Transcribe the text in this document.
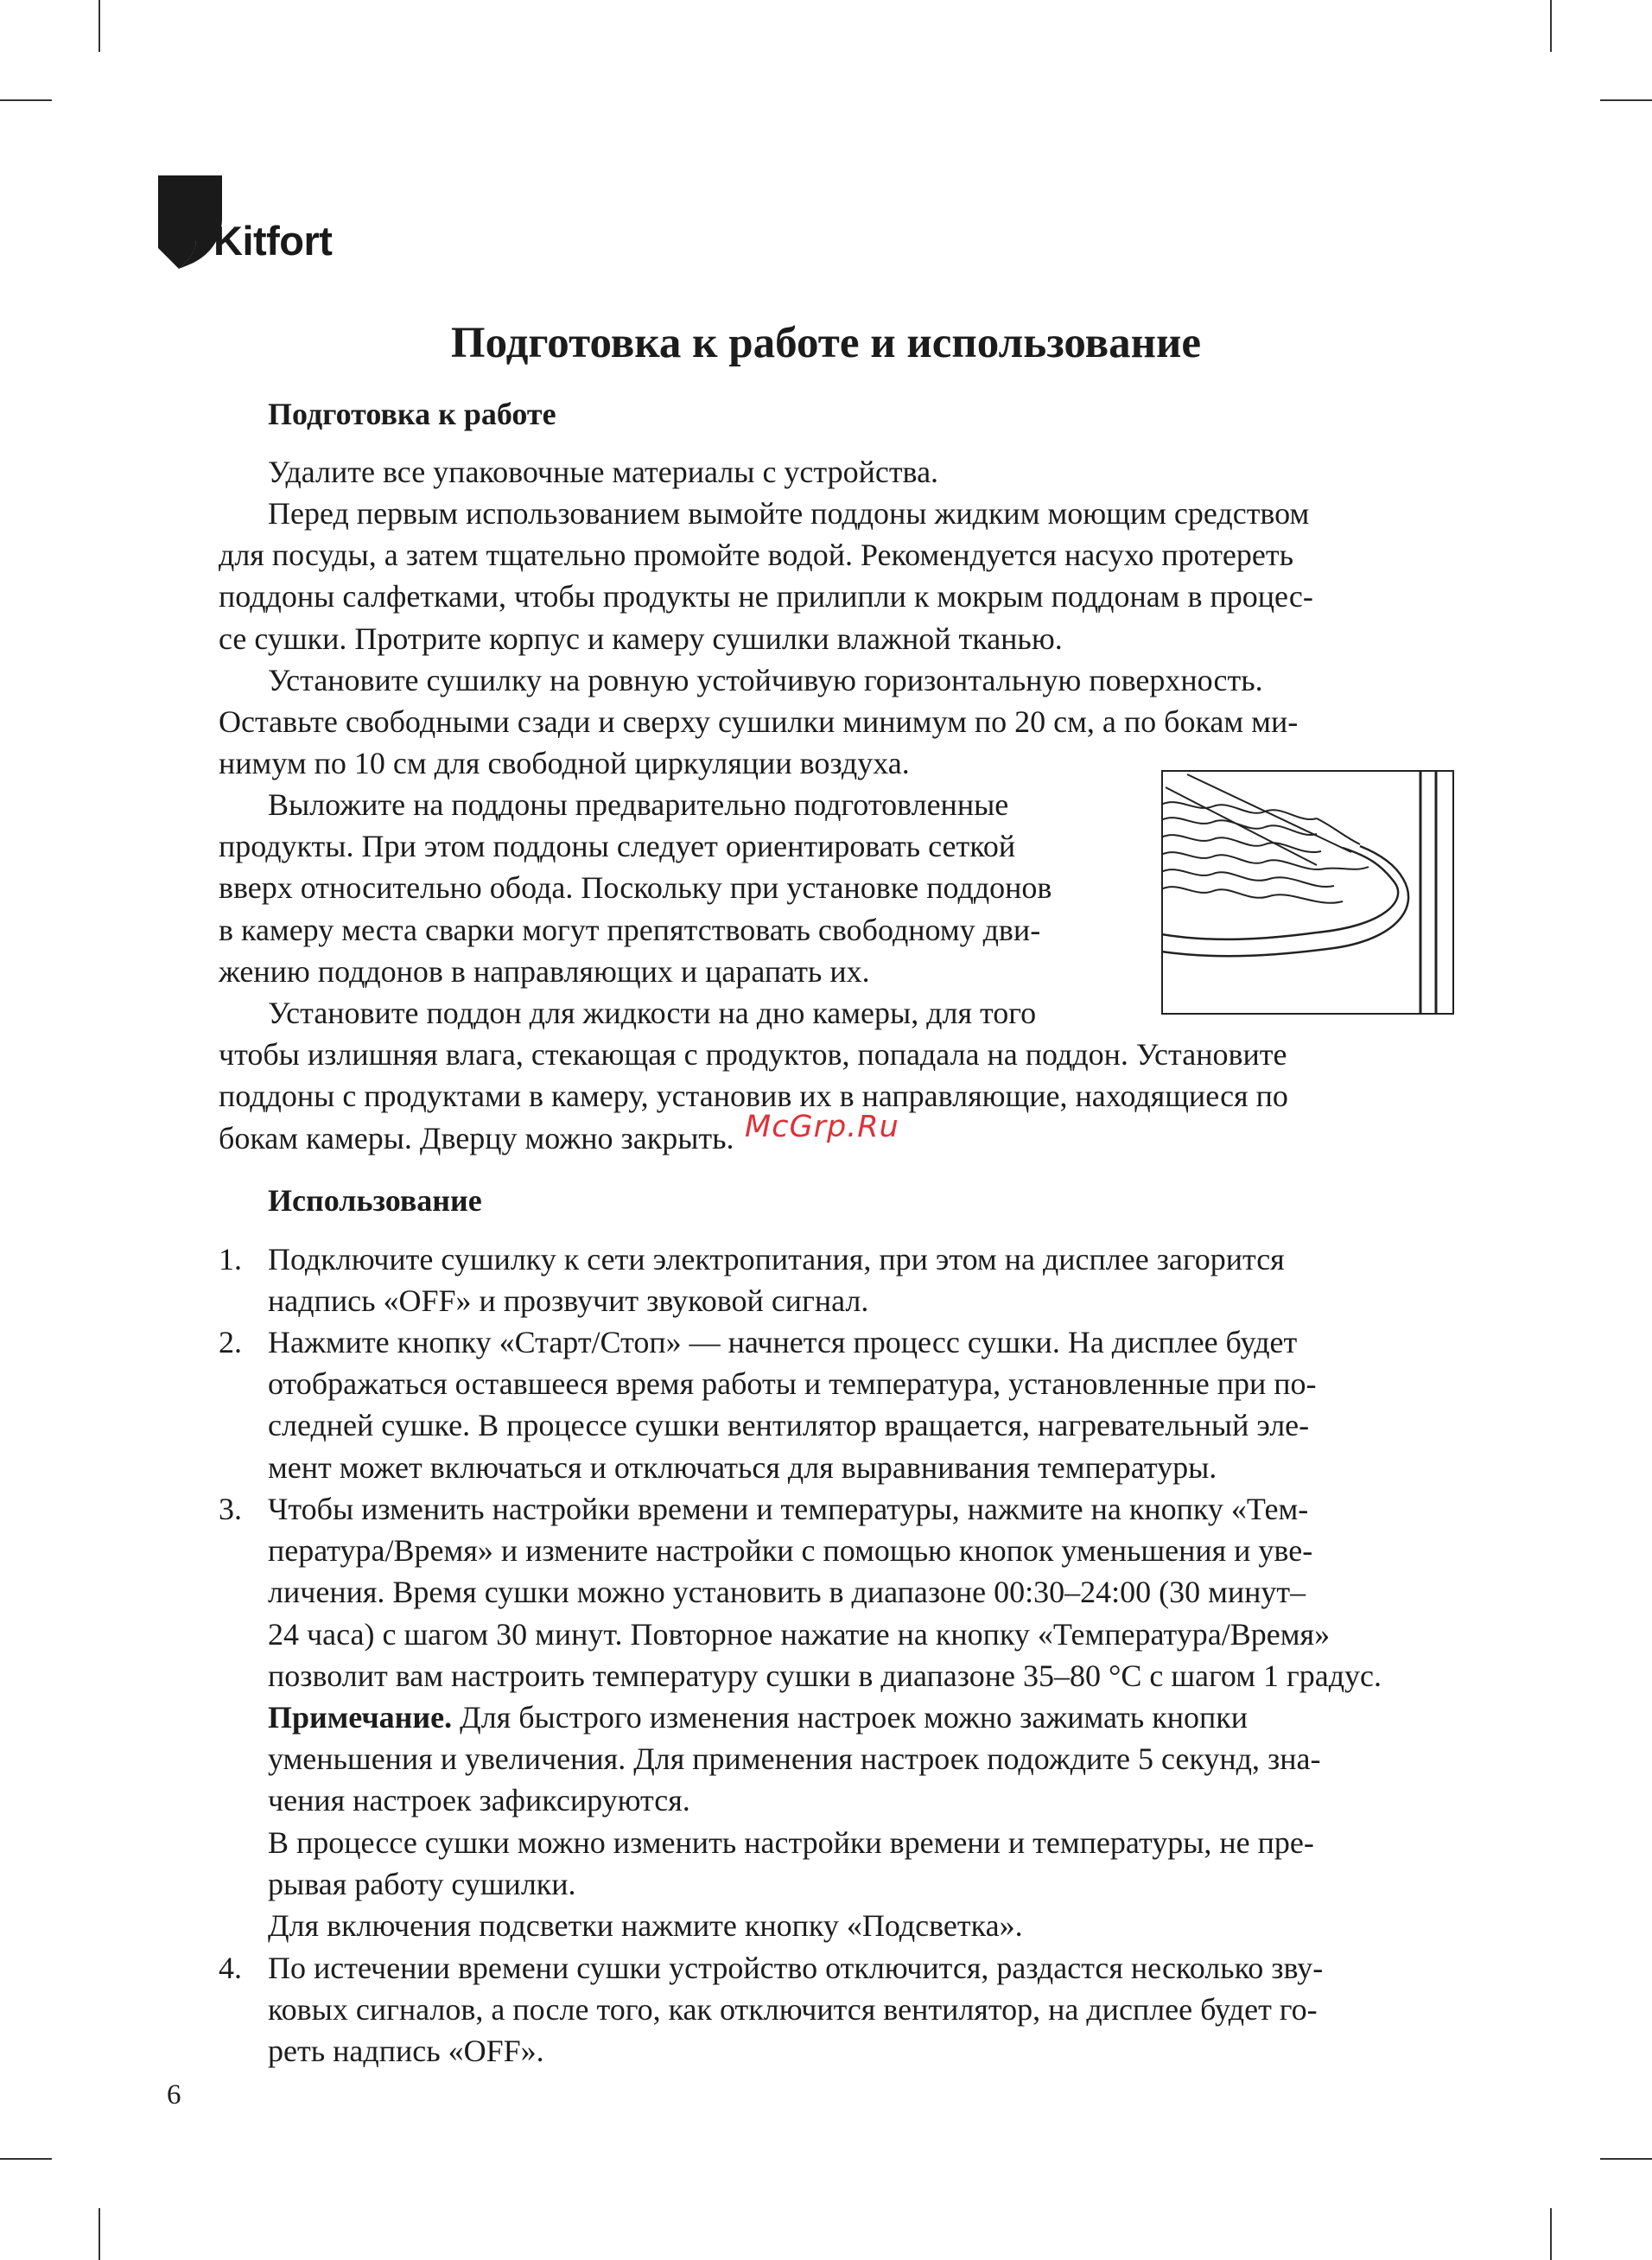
Kitfort
Подготовка к работе и использование
Подготовка к работе
Удалите все упаковочные материалы с устройства.
Перед первым использованием вымойте поддоны жидким моющим средством
для посуды, а затем тщательно промойте водой. Рекомендуется насухо протереть
поддоны салфетками, чтобы продукты не прилипли к мокрым поддонам в процес-
се сушки. Протрите корпус и камеру сушилки влажной тканью.
Установите сушилку на ровную устойчивую горизонтальную поверхность.
Оставьте свободными сзади и сверху сушилки минимум по 20 см, а по бокам ми-
нимум по 10 см для свободной циркуляции воздуха.
Выложите на поддоны предварительно подготовленные
продукты. При этом поддоны следует ориентировать сеткой
вверх относительно обода. Поскольку при установке поддонов
в камеру места сварки могут препятствовать свободному дви-
жению поддонов в направляющих и царапать их.
Установите поддон для жидкости на дно камеры, для того
чтобы излишняя влага, стекающая с продуктов, попадала на поддон. Установите
поддоны с продуктами в камеру, установив их в направляющие, находящиеся по
бокам камеры. Дверцу можно закрыть. McGrp.Ru
Использование
1. Подключите сушилку к сети электропитания, при этом на дисплее загорится
надпись «OFF» и прозвучит звуковой сигнал.
2. Нажмите кнопку «Старт/Стоп» — начнется процесс сушки. На дисплее будет
отображаться оставшееся время работы и температура, установленные при по-
следней сушке. В процессе сушки вентилятор вращается, нагревательный эле-
мент может включаться и отключаться для выравнивания температуры.
3. Чтобы изменить настройки времени и температуры, нажмите на кнопку «Тем-
пература/Время» и измените настройки с помощью кнопок уменьшения и уве-
личения. Время сушки можно установить в диапазоне 00:30–24:00 (30 минут–
24 часа) с шагом 30 минут. Повторное нажатие на кнопку «Температура/Время»
позволит вам настроить температуру сушки в диапазоне 35–80 °C с шагом 1 градус.
Примечание. Для быстрого изменения настроек можно зажимать кнопки
уменьшения и увеличения. Для применения настроек подождите 5 секунд, зна-
чения настроек зафиксируются.
В процессе сушки можно изменить настройки времени и температуры, не пре-
рывая работу сушилки.
Для включения подсветки нажмите кнопку «Подсветка».
4. По истечении времени сушки устройство отключится, раздастся несколько зву-
ковых сигналов, а после того, как отключится вентилятор, на дисплее будет го-
реть надпись «OFF».
6
